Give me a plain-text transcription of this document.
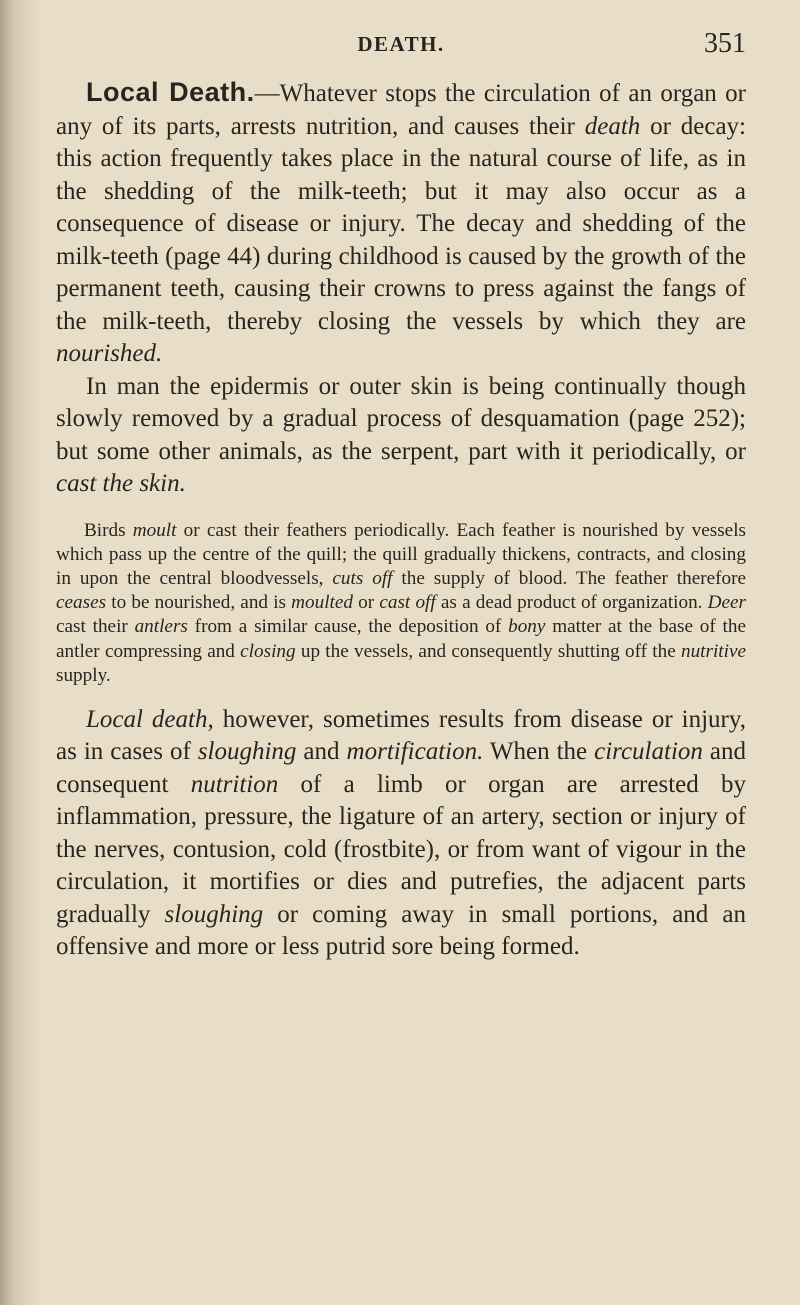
DEATH.	351

Local Death.—Whatever stops the circulation of an organ or any of its parts, arrests nutrition, and causes their death or decay: this action frequently takes place in the natural course of life, as in the shedding of the milk-teeth; but it may also occur as a consequence of disease or injury. The decay and shedding of the milk-teeth (page 44) during childhood is caused by the growth of the permanent teeth, causing their crowns to press against the fangs of the milk-teeth, thereby closing the vessels by which they are nourished.

In man the epidermis or outer skin is being continually though slowly removed by a gradual process of desquamation (page 252); but some other animals, as the serpent, part with it periodically, or cast the skin.

Birds moult or cast their feathers periodically. Each feather is nourished by vessels which pass up the centre of the quill; the quill gradually thickens, contracts, and closing in upon the central bloodvessels, cuts off the supply of blood. The feather therefore ceases to be nourished, and is moulted or cast off as a dead product of organization. Deer cast their antlers from a similar cause, the deposition of bony matter at the base of the antler compressing and closing up the vessels, and consequently shutting off the nutritive supply.

Local death, however, sometimes results from disease or injury, as in cases of sloughing and mortification. When the circulation and consequent nutrition of a limb or organ are arrested by inflammation, pressure, the ligature of an artery, section or injury of the nerves, contusion, cold (frostbite), or from want of vigour in the circulation, it mortifies or dies and putrefies, the adjacent parts gradually sloughing or coming away in small portions, and an offensive and more or less putrid sore being formed.
